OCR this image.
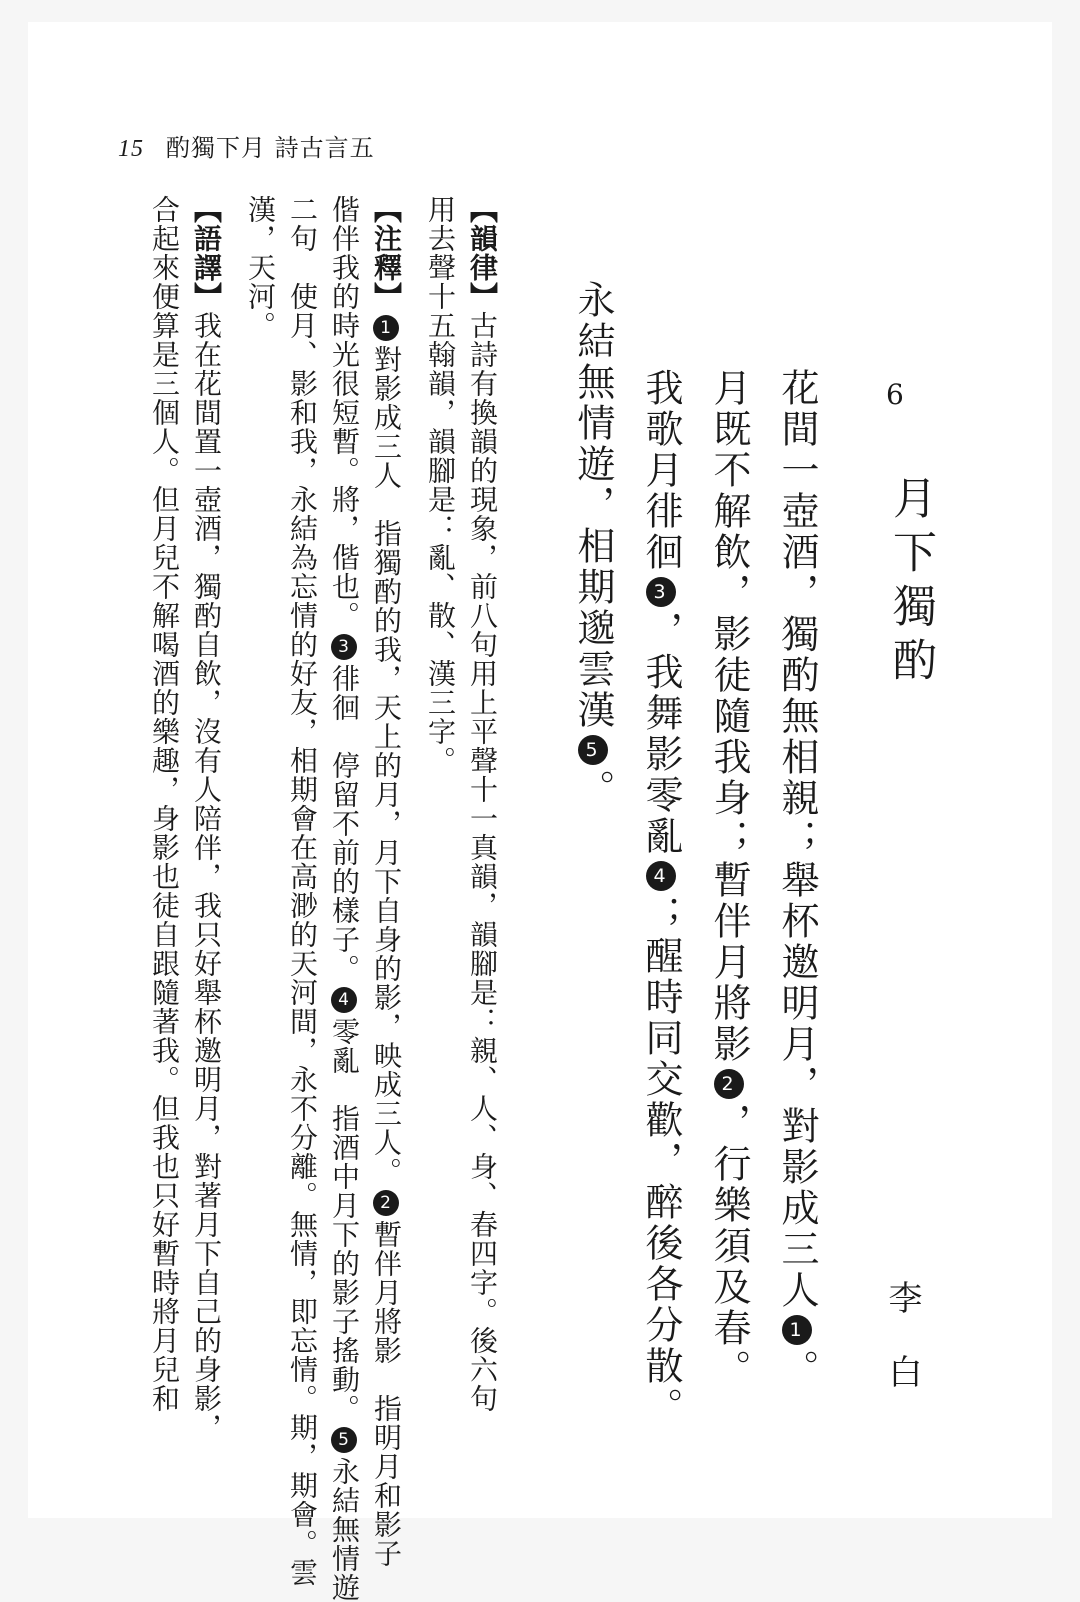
15 酌獨下月 詩古言五
6
月下獨酌
李白
花間一壺酒，獨酌無相親；舉杯邀明月，對影成三人1。
月既不解飲，影徒隨我身；暫伴月將影2，行樂須及春。
我歌月徘徊3，我舞影零亂4；醒時同交歡，醉後各分散。
永結無情遊，相期邈雲漢5。
【韻律】古詩有換韻的現象，前八句用上平聲十一真韻，韻腳是：親、人、身、春四字。後六句
用去聲十五翰韻，韻腳是：亂、散、漢三字。
【注釋】1對影成三人　指獨酌的我，天上的月，月下自身的影，映成三人。2暫伴月將影　指明月和影子
偕伴我的時光很短暫。將，偕也。3徘徊　停留不前的樣子。4零亂　指酒中月下的影子搖動。5永結無情遊
二句　使月、影和我，永結為忘情的好友，相期會在高渺的天河間，永不分離。無情，即忘情。期，期會。雲
漢，天河。
【語譯】我在花間置一壺酒，獨酌自飲，沒有人陪伴，我只好舉杯邀明月，對著月下自己的身影，
合起來便算是三個人。但月兒不解喝酒的樂趣，身影也徒自跟隨著我。但我也只好暫時將月兒和
